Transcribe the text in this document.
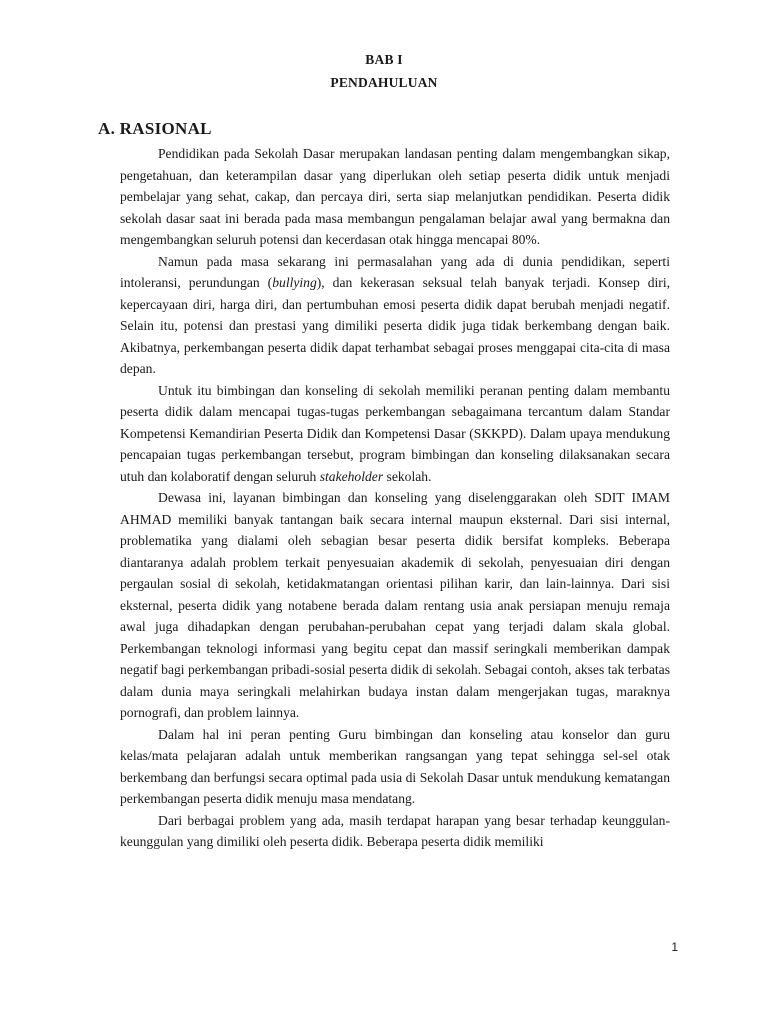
BAB I
PENDAHULUAN
A. RASIONAL

Pendidikan pada Sekolah Dasar merupakan landasan penting dalam mengembangkan sikap, pengetahuan, dan keterampilan dasar yang diperlukan oleh setiap peserta didik untuk menjadi pembelajar yang sehat, cakap, dan percaya diri, serta siap melanjutkan pendidikan. Peserta didik sekolah dasar saat ini berada pada masa membangun pengalaman belajar awal yang bermakna dan mengembangkan seluruh potensi dan kecerdasan otak hingga mencapai 80%.

Namun pada masa sekarang ini permasalahan yang ada di dunia pendidikan, seperti intoleransi, perundungan (bullying), dan kekerasan seksual telah banyak terjadi. Konsep diri, kepercayaan diri, harga diri, dan pertumbuhan emosi peserta didik dapat berubah menjadi negatif. Selain itu, potensi dan prestasi yang dimiliki peserta didik juga tidak berkembang dengan baik. Akibatnya, perkembangan peserta didik dapat terhambat sebagai proses menggapai cita-cita di masa depan.

Untuk itu bimbingan dan konseling di sekolah memiliki peranan penting dalam membantu peserta didik dalam mencapai tugas-tugas perkembangan sebagaimana tercantum dalam Standar Kompetensi Kemandirian Peserta Didik dan Kompetensi Dasar (SKKPD). Dalam upaya mendukung pencapaian tugas perkembangan tersebut, program bimbingan dan konseling dilaksanakan secara utuh dan kolaboratif dengan seluruh stakeholder sekolah.

Dewasa ini, layanan bimbingan dan konseling yang diselenggarakan oleh SDIT IMAM AHMAD memiliki banyak tantangan baik secara internal maupun eksternal. Dari sisi internal, problematika yang dialami oleh sebagian besar peserta didik bersifat kompleks. Beberapa diantaranya adalah problem terkait penyesuaian akademik di sekolah, penyesuaian diri dengan pergaulan sosial di sekolah, ketidakmatangan orientasi pilihan karir, dan lain-lainnya. Dari sisi eksternal, peserta didik yang notabene berada dalam rentang usia anak persiapan menuju remaja awal juga dihadapkan dengan perubahan-perubahan cepat yang terjadi dalam skala global. Perkembangan teknologi informasi yang begitu cepat dan massif seringkali memberikan dampak negatif bagi perkembangan pribadi-sosial peserta didik di sekolah. Sebagai contoh, akses tak terbatas dalam dunia maya seringkali melahirkan budaya instan dalam mengerjakan tugas, maraknya pornografi, dan problem lainnya.

Dalam hal ini peran penting Guru bimbingan dan konseling atau konselor dan guru kelas/mata pelajaran adalah untuk memberikan rangsangan yang tepat sehingga sel-sel otak berkembang dan berfungsi secara optimal pada usia di Sekolah Dasar untuk mendukung kematangan perkembangan peserta didik menuju masa mendatang.

Dari berbagai problem yang ada, masih terdapat harapan yang besar terhadap keunggulan-keunggulan yang dimiliki oleh peserta didik. Beberapa peserta didik memiliki

1
